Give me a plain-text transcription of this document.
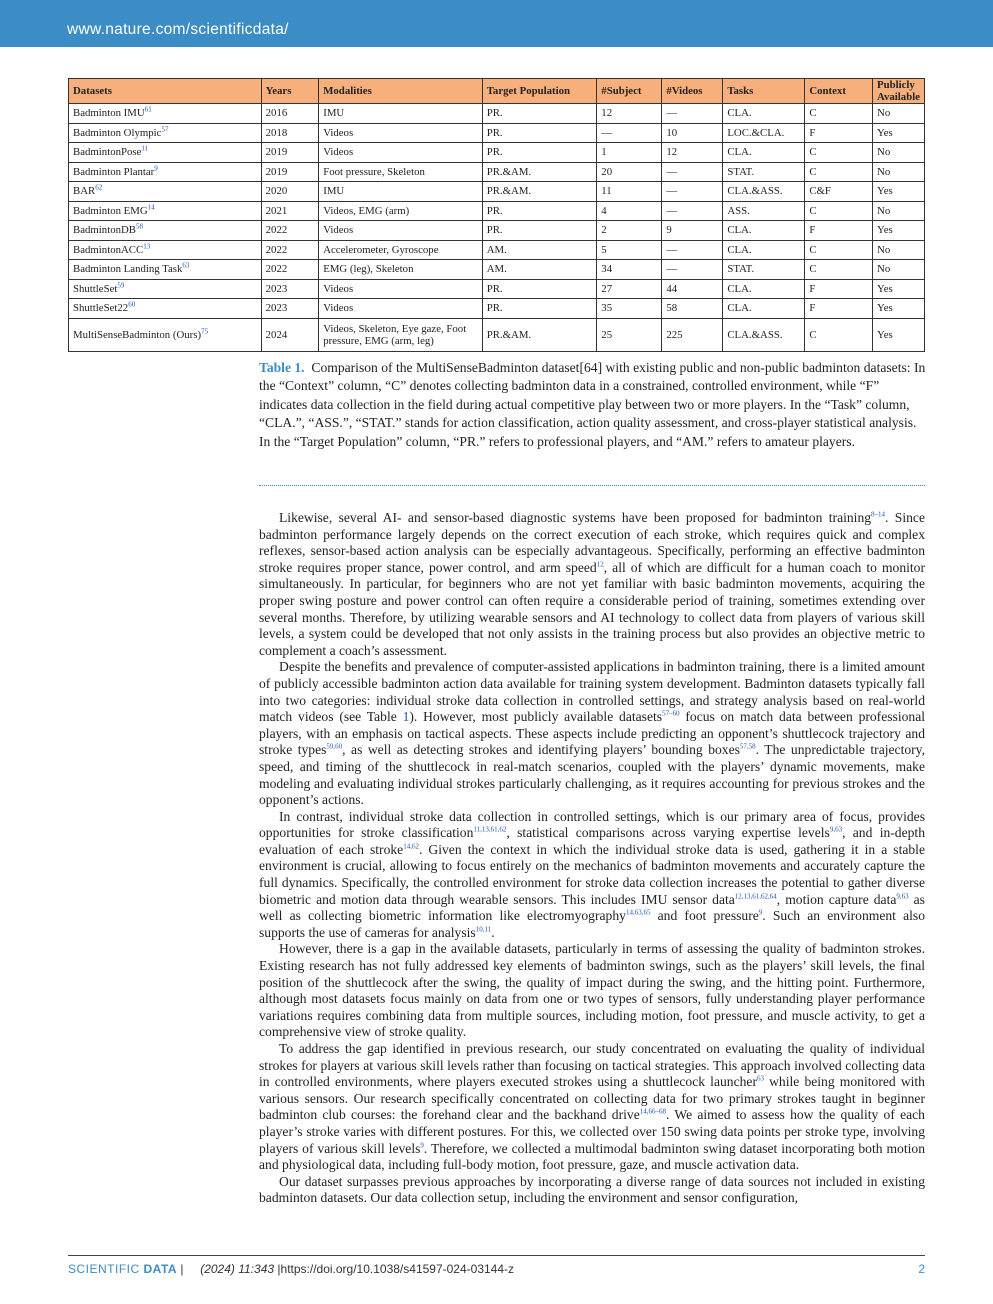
www.nature.com/scientificdata/
Datasets	Years	Modalities	Target Population	#Subject	#Videos	Tasks	Context	Publicly Available
Badminton IMU$^{61}$	2016	IMU	PR.	12	—	CLA.	C	No
Badminton Olympic$^{57}$	2018	Videos	PR.	—	10	LOC.&CLA.	F	Yes
BadmintonPose$^{11}$	2019	Videos	PR.	1	12	CLA.	C	No
Badminton Plantar$^9$	2019	Foot pressure, Skeleton	PR.&AM.	20	—	STAT.	C	No
BAR$^{62}$	2020	IMU	PR.&AM.	11	—	CLA.&ASS.	C&F	Yes
Badminton EMG$^{14}$	2021	Videos, EMG (arm)	PR.	4	—	ASS.	C	No
BadmintonDB$^{58}$	2022	Videos	PR.	2	9	CLA.	F	Yes
BadmintonACC$^{13}$	2022	Accelerometer, Gyroscope	AM.	5	—	CLA.	C	No
Badminton Landing Task$^{63}$	2022	EMG (leg), Skeleton	AM.	34	—	STAT.	C	No
ShuttleSet$^{59}$	2023	Videos	PR.	27	44	CLA.	F	Yes
$ShuttleSet22^{60}$	2023	Videos	PR.	35	58	CLA.	F	Yes
MultiSenseBadminton (Ours)$^{75}$	2024	Videos, Skeleton, Eye gaze, Foot pressure, EMG (arm, leg)	PR.&AM.	25	225	CLA.&ASS.	C	Yes
Table 1. Comparison of the MultiSenseBadminton dataset[64] with existing public and non-public badminton datasets: In the “Context” column, “C” denotes collecting badminton data in a constrained, controlled environment, while “F” indicates data collection in the field during actual competitive play between two or more players. In the “Task” column, “CLA.”, “ASS.”, “STAT.” stands for action classification, action quality assessment, and cross-player statistical analysis. In the “Target Population” column, “PR.” refers to professional players, and “AM.” refers to amateur players.

Likewise, several AI- and sensor-based diagnostic systems have been proposed for badminton training$^{8-14}$. Since badminton performance largely depends on the correct execution of each stroke, which requires quick and complex reflexes, sensor-based action analysis can be especially advantageous. Specifically, performing an effective badminton stroke requires proper stance, power control, and arm speed$^{12}$, all of which are difficult for a human coach to monitor simultaneously. In particular, for beginners who are not yet familiar with basic badminton movements, acquiring the proper swing posture and power control can often require a considerable period of training, sometimes extending over several months. Therefore, by utilizing wearable sensors and AI technology to collect data from players of various skill levels, a system could be developed that not only assists in the training process but also provides an objective metric to complement a coach’s assessment.

Despite the benefits and prevalence of computer-assisted applications in badminton training, there is a limited amount of publicly accessible badminton action data available for training system development. Badminton datasets typically fall into two categories: individual stroke data collection in controlled settings, and strategy analysis based on real-world match videos (see Table 1). However, most publicly available datasets$^{57-60}$ focus on match data between professional players, with an emphasis on tactical aspects. These aspects include predicting an opponent’s shuttlecock trajectory and stroke types$^{59,60}$, as well as detecting strokes and identifying players’ bounding boxes$^{57,58}$. The unpredictable trajectory, speed, and timing of the shuttlecock in real-match scenarios, coupled with the players’ dynamic movements, make modeling and evaluating individual strokes particularly challenging, as it requires accounting for previous strokes and the opponent’s actions.

In contrast, individual stroke data collection in controlled settings, which is our primary area of focus, provides opportunities for stroke classification$^{11,13,61,62}$, statistical comparisons across varying expertise levels$^{9,63}$, and in-depth evaluation of each stroke$^{14,62}$. Given the context in which the individual stroke data is used, gathering it in a stable environment is crucial, allowing to focus entirely on the mechanics of badminton movements and accurately capture the full dynamics. Specifically, the controlled environment for stroke data collection increases the potential to gather diverse biometric and motion data through wearable sensors. This includes IMU sensor data$^{12,13,61,62,64}$, motion capture data$^{9,63}$ as well as collecting biometric information like electromyography$^{14,63,65}$ and foot pressure$^9$. Such an environment also supports the use of cameras for analysis$^{10,11}$.

However, there is a gap in the available datasets, particularly in terms of assessing the quality of badminton strokes. Existing research has not fully addressed key elements of badminton swings, such as the players’ skill levels, the final position of the shuttlecock after the swing, the quality of impact during the swing, and the hitting point. Furthermore, although most datasets focus mainly on data from one or two types of sensors, fully understanding player performance variations requires combining data from multiple sources, including motion, foot pressure, and muscle activity, to get a comprehensive view of stroke quality.

To address the gap identified in previous research, our study concentrated on evaluating the quality of individual strokes for players at various skill levels rather than focusing on tactical strategies. This approach involved collecting data in controlled environments, where players executed strokes using a shuttlecock launcher$^{63}$ while being monitored with various sensors. Our research specifically concentrated on collecting data for two primary strokes taught in beginner badminton club courses: the forehand clear and the backhand drive$^{14,66-68}$. We aimed to assess how the quality of each player’s stroke varies with different postures. For this, we collected over 150 swing data points per stroke type, involving players of various skill levels$^9$. Therefore, we collected a multimodal badminton swing dataset incorporating both motion and physiological data, including full-body motion, foot pressure, gaze, and muscle activation data.

Our dataset surpasses previous approaches by incorporating a diverse range of data sources not included in existing badminton datasets. Our data collection setup, including the environment and sensor configuration,

SCIENTIFIC DATA | (2024) 11:343 |https://doi.org/10.1038/s41597-024-03144-z	2
